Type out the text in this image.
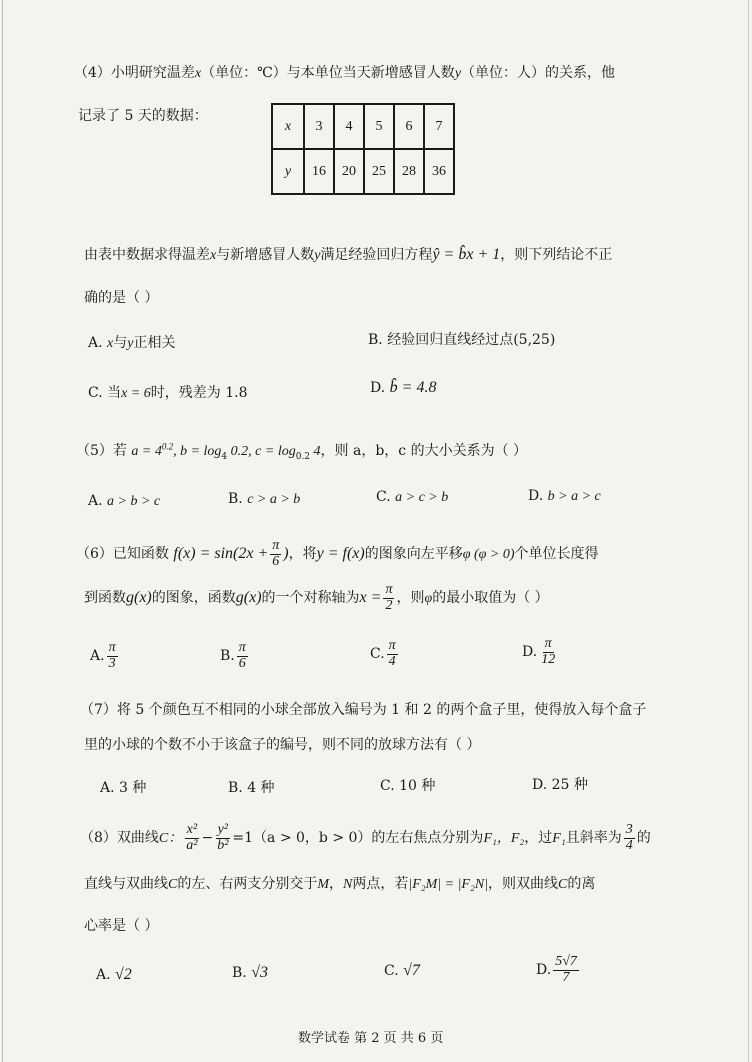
（4）小明研究温差x（单位：℃）与本单位当天新增感冒人数y（单位：人）的关系，他
记录了 5 天的数据：
x	3	4	5	6	7
y	16	20	25	28	36
由表中数据求得温差x与新增感冒人数y满足经验回归方程ŷ = b̂x + 1，则下列结论不正
确的是（ ）
A. x与y正相关	B. 经验回归直线经过点(5,25)
C. 当x = 6时，残差为 1.8	D. b̂ = 4.8
（5）若 $a = 4^{0.2}$, $b = \log_4 0.2$, $c = \log_{0.2} 4$，则 a，b，c 的大小关系为（ ）
A. a > b > c	B. c > a > b	C. a > c > b	D. b > a > c
（6）已知函数 $f(x) = \sin(2x + \frac{\pi}{6}$ )，将y = f(x)的图象向左平移φ (φ > 0)个单位长度得
到函数g(x)的图象，函数g(x)的一个对称轴为$x = \frac{\pi}{2}$ ，则φ的最小取值为（ ）
A. $\frac{\pi}{3}$	B. $\frac{\pi}{6}$	C. $\frac{\pi}{4}$	D. $\frac{\pi}{12}$
（7）将 5 个颜色互不相同的小球全部放入编号为 1 和 2 的两个盒子里，使得放入每个盒子
里的小球的个数不小于该盒子的编号，则不同的放球方法有（ ）
A. 3 种	B. 4 种	C. 10 种	D. 25 种
（8）双曲线C： $\frac{\text{x²}}{\text{a²}} - \frac{\text{y²}}{\text{b²}} =1(a > 0$，b > 0）的左右焦点分别为F₁，F₂，过F₁且斜率为 $\frac{3}{4}$ 的
直线与双曲线C的左、右两支分别交于M，N两点，若|F₂M| = |F₂N|，则双曲线C的离
心率是（ ）
A. √2	B. √3	C. √7	D. $\frac{5√7}{7}$
数学试卷 第 2 页 共 6 页
